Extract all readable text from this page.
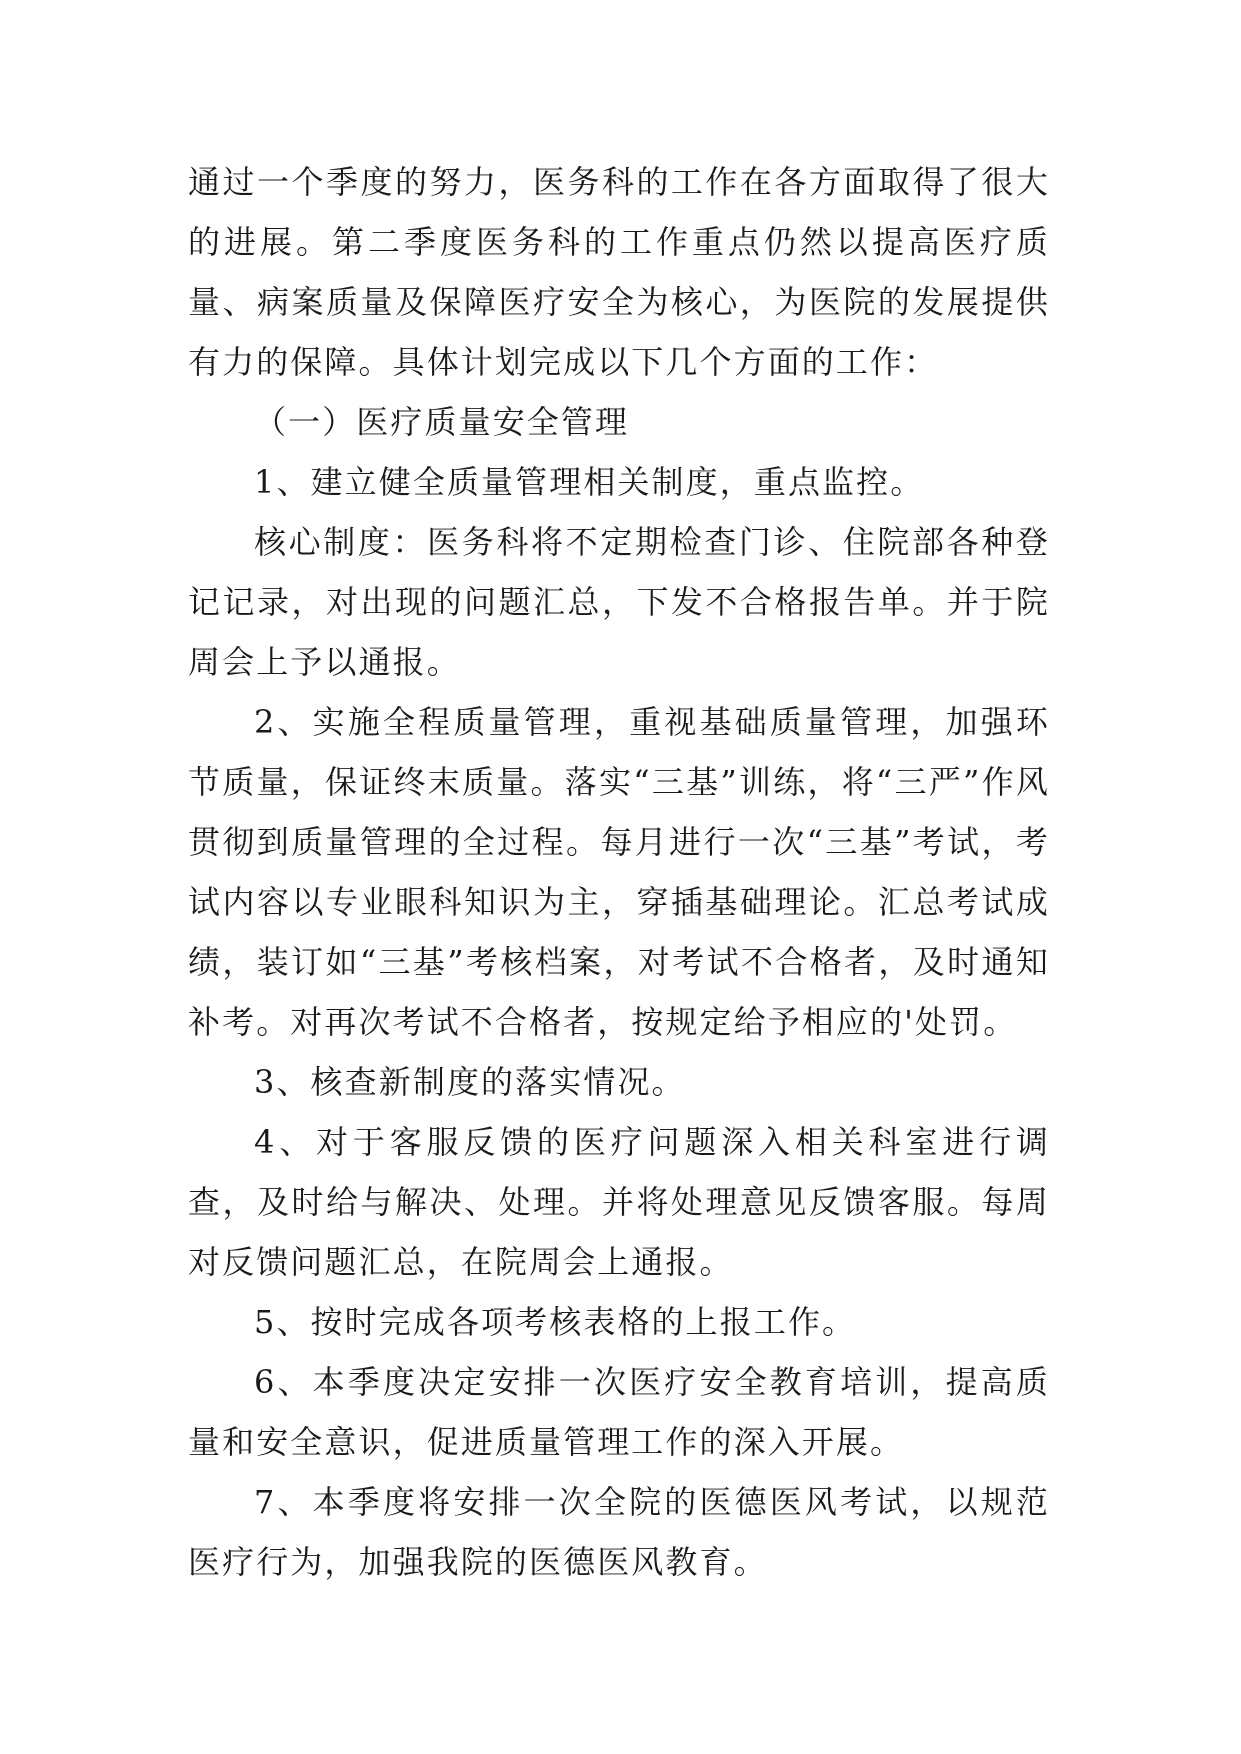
通过一个季度的努力，医务科的工作在各方面取得了很大的进展。第二季度医务科的工作重点仍然以提高医疗质量、病案质量及保障医疗安全为核心，为医院的发展提供有力的保障。具体计划完成以下几个方面的工作：

（一）医疗质量安全管理

1、建立健全质量管理相关制度，重点监控。

核心制度：医务科将不定期检查门诊、住院部各种登记记录，对出现的问题汇总，下发不合格报告单。并于院周会上予以通报。

2、实施全程质量管理，重视基础质量管理，加强环节质量，保证终末质量。落实“三基”训练，将“三严”作风贯彻到质量管理的全过程。每月进行一次“三基”考试，考试内容以专业眼科知识为主，穿插基础理论。汇总考试成绩，装订如“三基”考核档案，对考试不合格者，及时通知补考。对再次考试不合格者，按规定给予相应的'处罚。

3、核查新制度的落实情况。

4、对于客服反馈的医疗问题深入相关科室进行调查，及时给与解决、处理。并将处理意见反馈客服。每周对反馈问题汇总，在院周会上通报。

5、按时完成各项考核表格的上报工作。

6、本季度决定安排一次医疗安全教育培训，提高质量和安全意识，促进质量管理工作的深入开展。

7、本季度将安排一次全院的医德医风考试，以规范医疗行为，加强我院的医德医风教育。
